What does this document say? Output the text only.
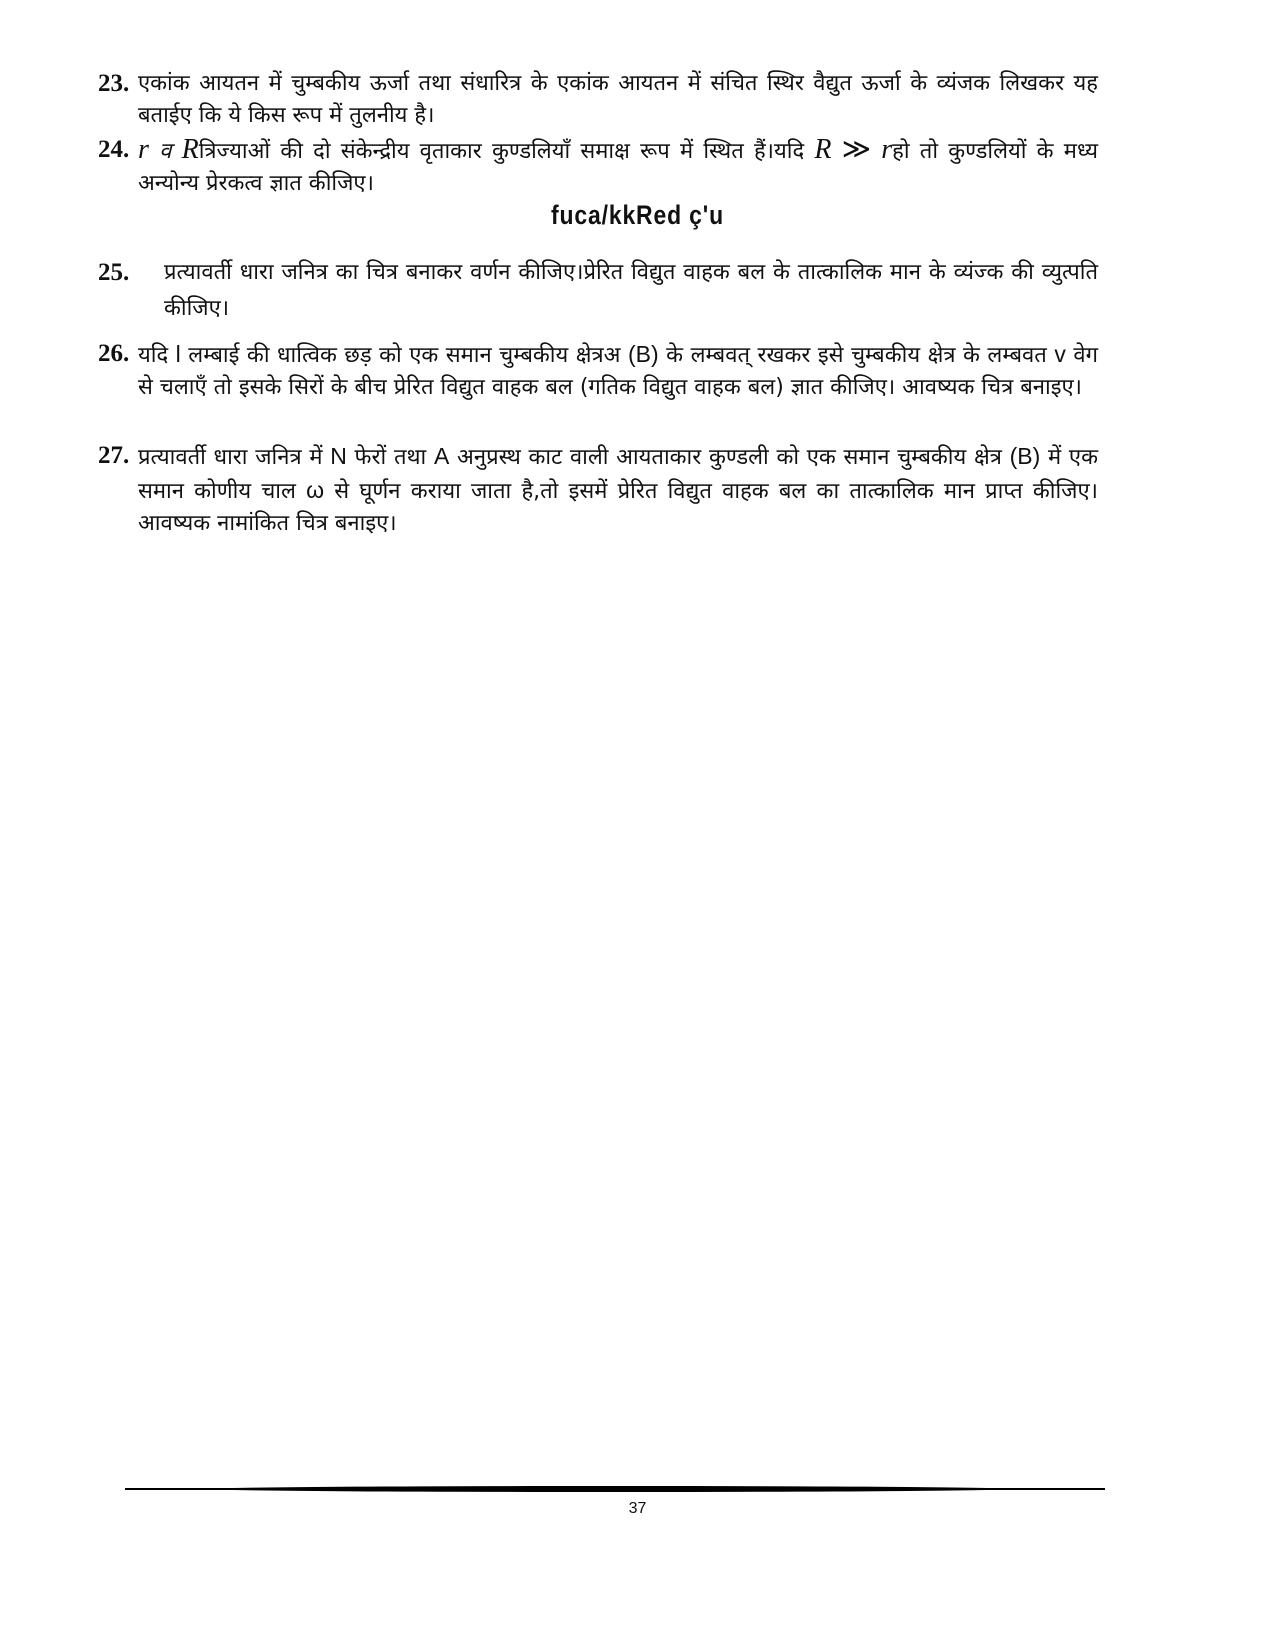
23. एकांक आयतन में चुम्बकीय ऊर्जा तथा संधारित्र के एकांक आयतन में संचित स्थिर वैद्युत ऊर्जा के व्यंजक लिखकर यह बताईए कि ये किस रूप में तुलनीय है।
24. r व Rत्रिज्याओं की दो संकेन्द्रीय वृताकार कुण्डलियाँ समाक्ष रूप में स्थित हैं।यदि R ≫ rहो तो कुण्डलियों के मध्य अन्योन्य प्रेरकत्व ज्ञात कीजिए।
fuca/kkRed ç'u
25. प्रत्यावर्ती धारा जनित्र का चित्र बनाकर वर्णन कीजिए।प्रेरित विद्युत वाहक बल के तात्कालिक मान के व्यंज्क की व्युत्पति कीजिए।
26. यदि l लम्बाई की धात्विक छड़ को एक समान चुम्बकीय क्षेत्रअ (B) के लम्बवत् रखकर इसे चुम्बकीय क्षेत्र के लम्बवत v वेग से चलाएँ तो इसके सिरों के बीच प्रेरित विद्युत वाहक बल (गतिक विद्युत वाहक बल) ज्ञात कीजिए। आवष्यक चित्र बनाइए।
27. प्रत्यावर्ती धारा जनित्र में N फेरों तथा A अनुप्रस्थ काट वाली आयताकार कुण्डली को एक समान चुम्बकीय क्षेत्र (B) में एक समान कोणीय चाल ω से घूर्णन कराया जाता है,तो इसमें प्रेरित विद्युत वाहक बल का तात्कालिक मान प्राप्त कीजिए।आवष्यक नामांकित चित्र बनाइए।
37
